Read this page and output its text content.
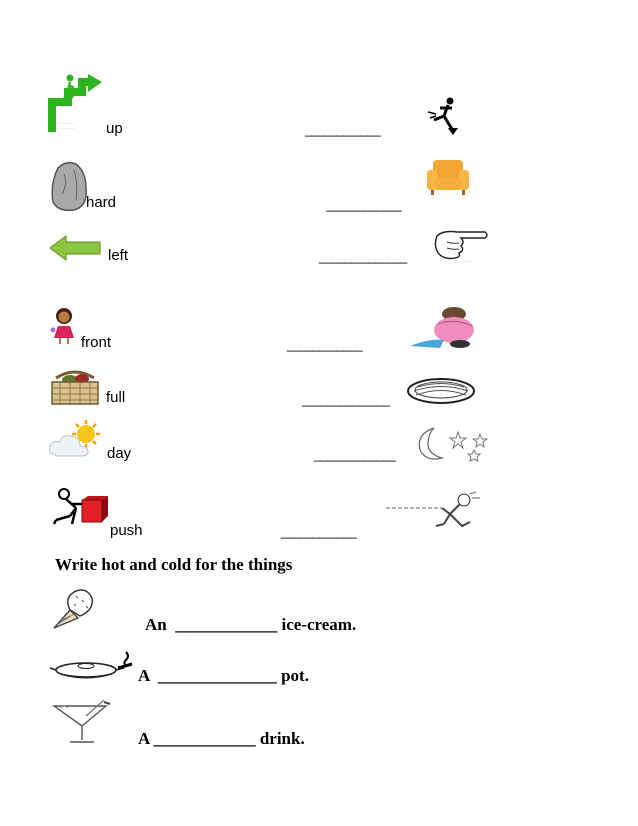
...............
............... up	____________
hard	____________
left	______________	...........
front	____________
full	______________
day	_____________
push	____________
Write hot and cold for the things
An  ____________ ice-cream.
A  ______________ pot.
A ____________ drink.
